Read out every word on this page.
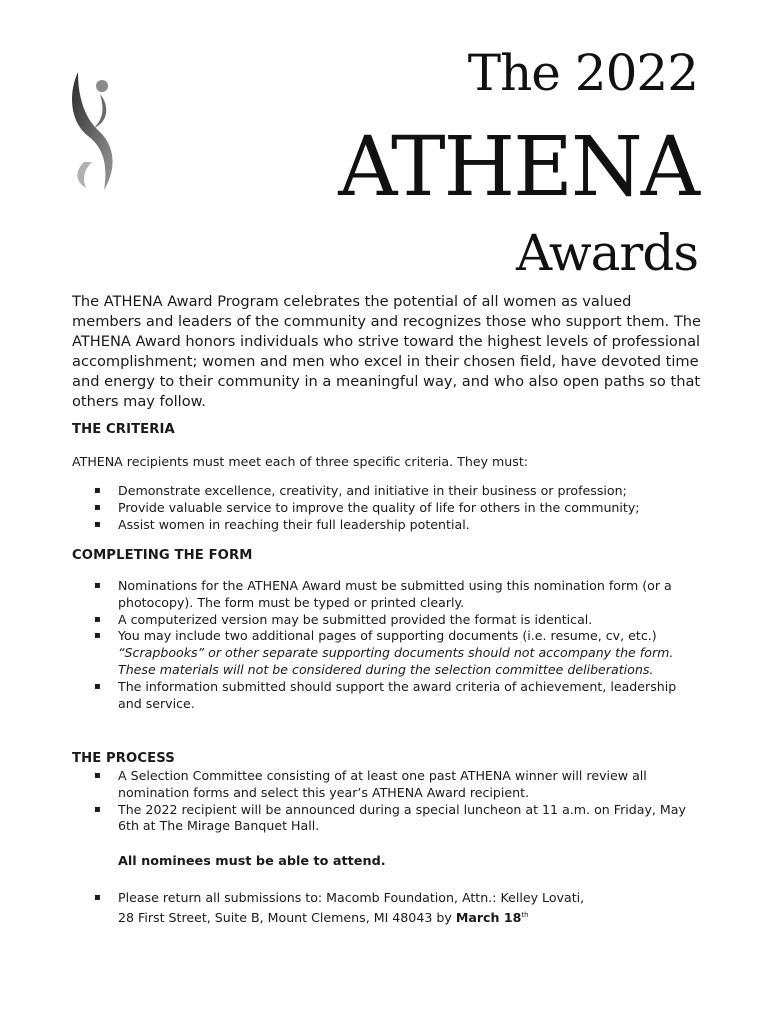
The 2022
ATHENA
Awards

The ATHENA Award Program celebrates the potential of all women as valued members and leaders of the community and recognizes those who support them. The ATHENA Award honors individuals who strive toward the highest levels of professional accomplishment; women and men who excel in their chosen field, have devoted time and energy to their community in a meaningful way, and who also open paths so that others may follow.

THE CRITERIA

ATHENA recipients must meet each of three specific criteria. They must:

▪ Demonstrate excellence, creativity, and initiative in their business or profession;
▪ Provide valuable service to improve the quality of life for others in the community;
▪ Assist women in reaching their full leadership potential.

COMPLETING THE FORM

▪ Nominations for the ATHENA Award must be submitted using this nomination form (or a photocopy). The form must be typed or printed clearly.
▪ A computerized version may be submitted provided the format is identical.
▪ You may include two additional pages of supporting documents (i.e. resume, cv, etc.)
“Scrapbooks” or other separate supporting documents should not accompany the form. These materials will not be considered during the selection committee deliberations.
▪ The information submitted should support the award criteria of achievement, leadership and service.

THE PROCESS

▪ A Selection Committee consisting of at least one past ATHENA winner will review all nomination forms and select this year’s ATHENA Award recipient.
▪ The 2022 recipient will be announced during a special luncheon at 11 a.m. on Friday, May 6th at The Mirage Banquet Hall.

All nominees must be able to attend.

▪ Please return all submissions to: Macomb Foundation, Attn.: Kelley Lovati,
28 First Street, Suite B, Mount Clemens, MI 48043 by March 18th
